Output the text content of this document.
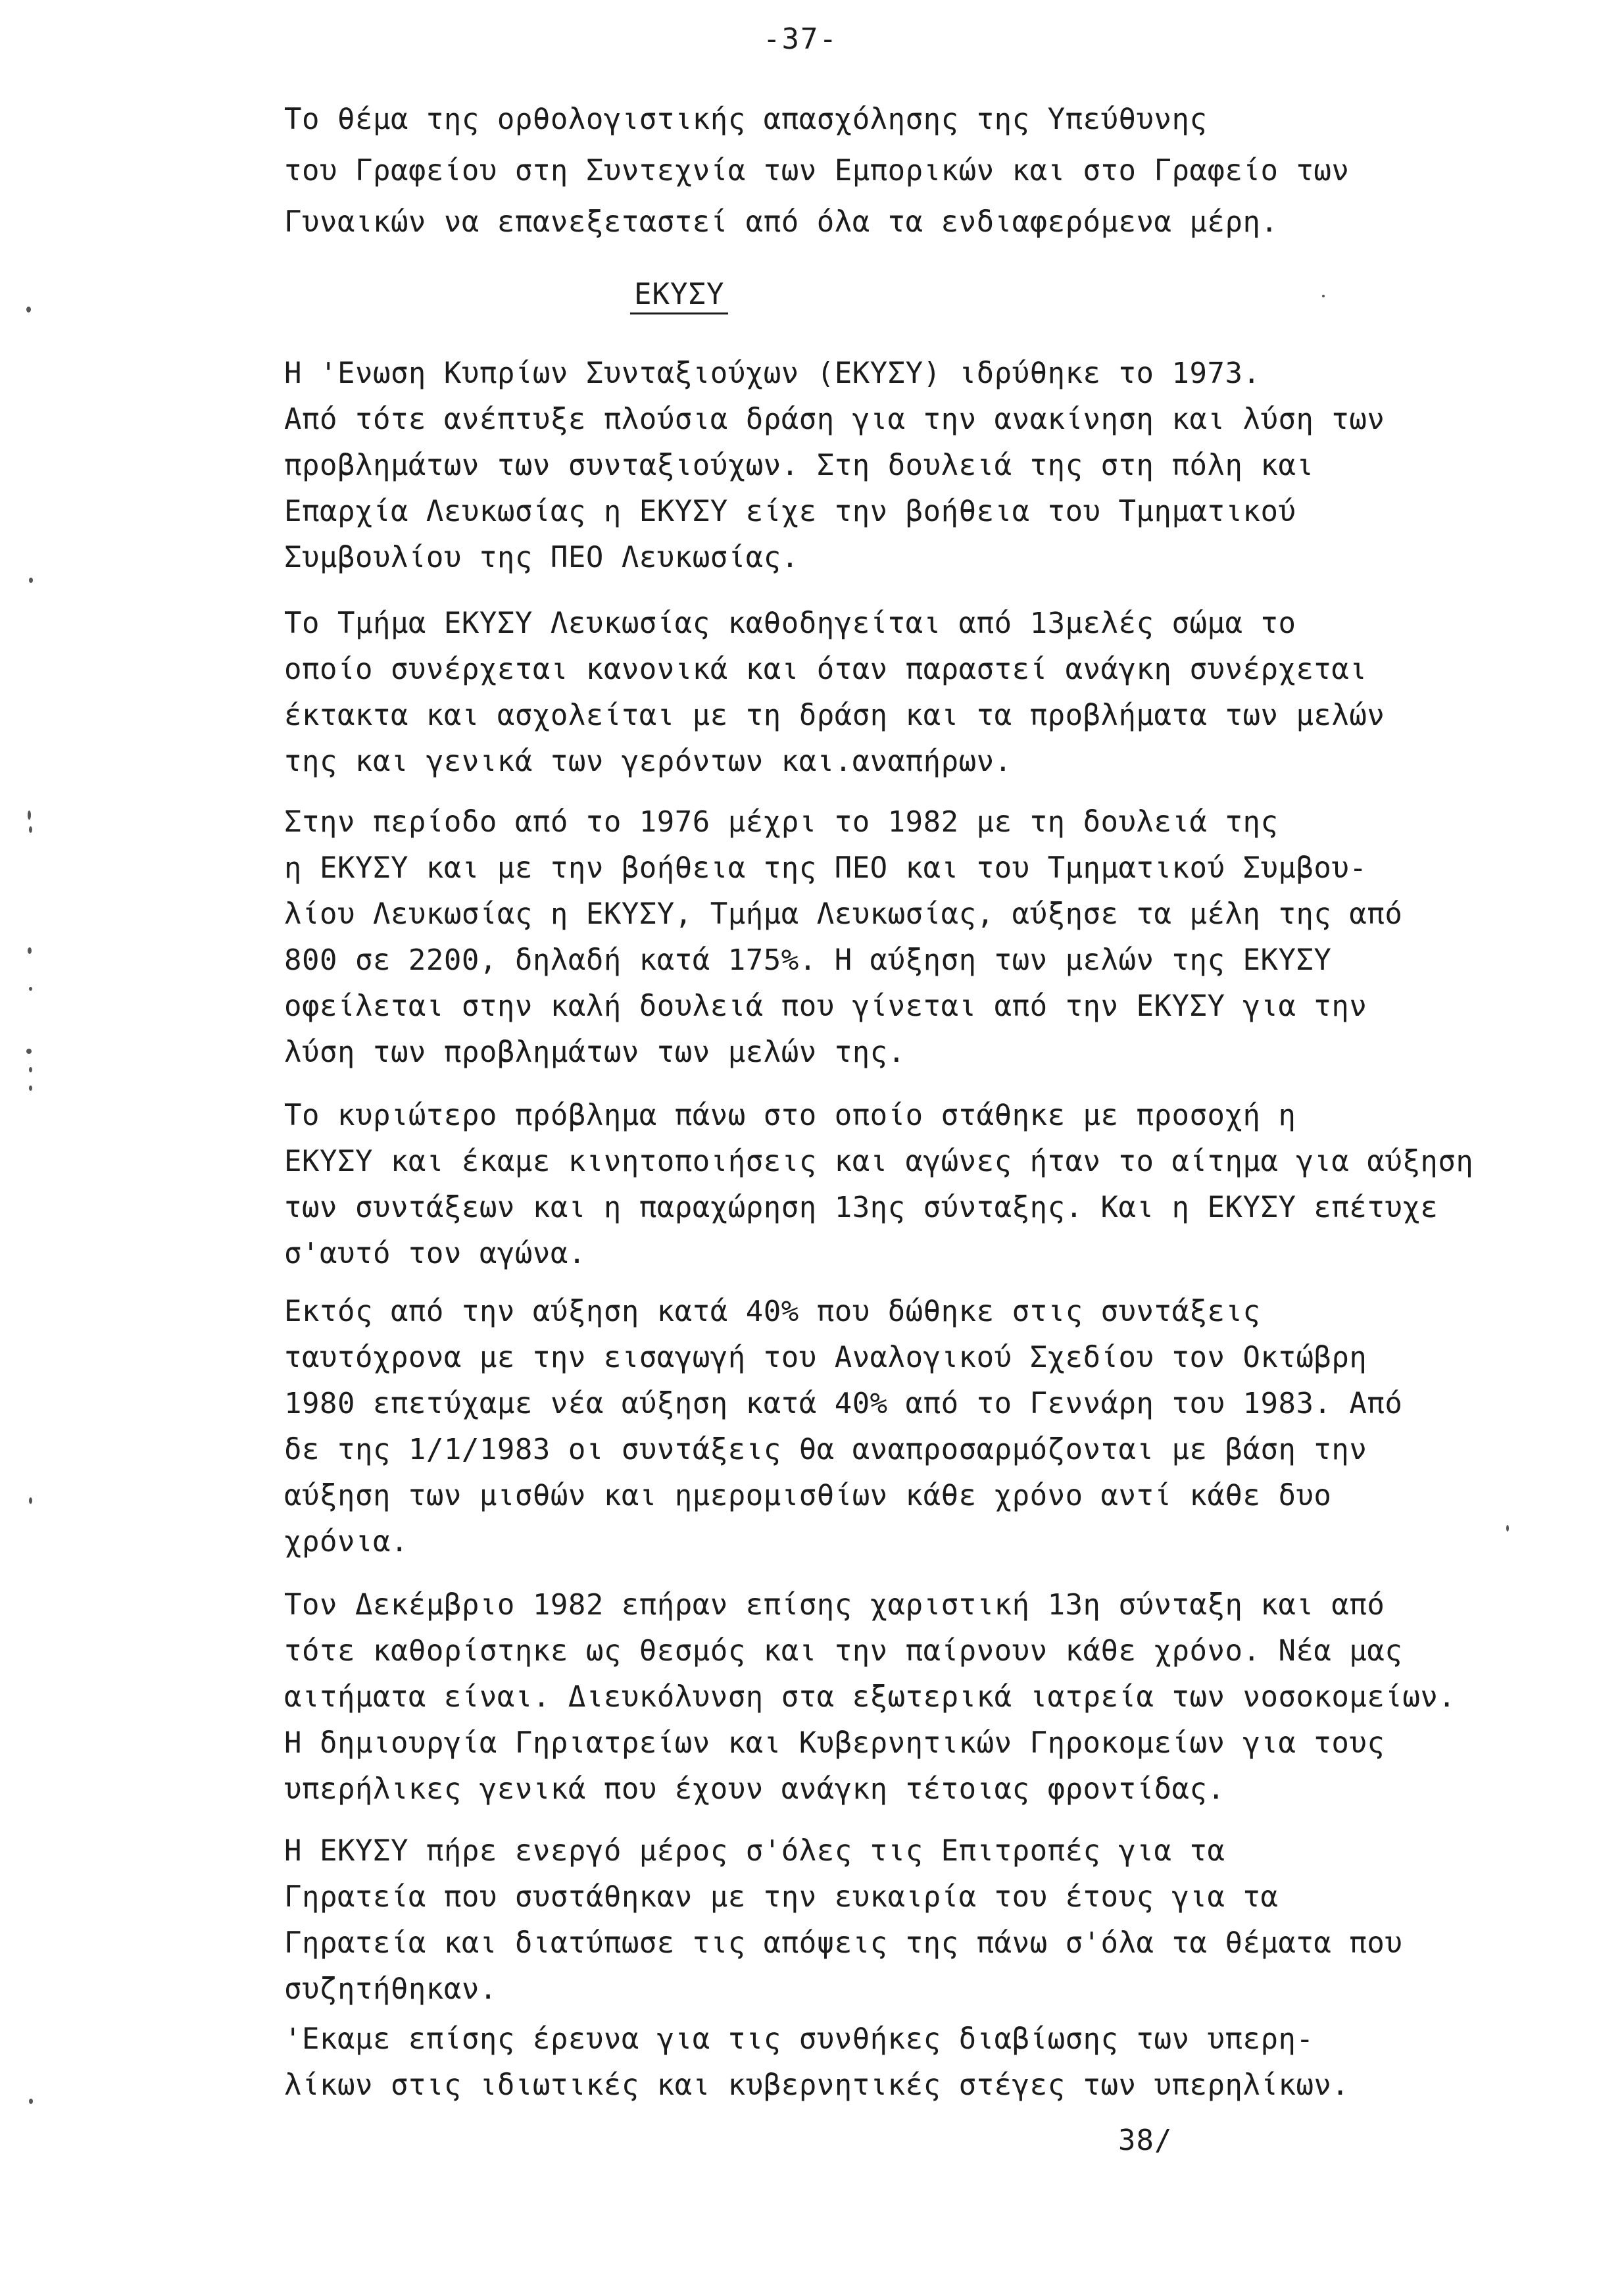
-37-
Το θέμα της ορθολογιστικής απασχόλησης της Υπεύθυνης
του Γραφείου στη Συντεχνία των Εμπορικών και στο Γραφείο των
Γυναικών να επανεξεταστεί από όλα τα ενδιαφερόμενα μέρη.
ΕΚΥΣΥ
Η 'Ενωση Κυπρίων Συνταξιούχων (ΕΚΥΣΥ) ιδρύθηκε το 1973.
Από τότε ανέπτυξε πλούσια δράση για την ανακίνηση και λύση των
προβλημάτων των συνταξιούχων. Στη δουλειά της στη πόλη και
Επαρχία Λευκωσίας η ΕΚΥΣΥ είχε την βοήθεια του Τμηματικού
Συμβουλίου της ΠΕΟ Λευκωσίας.
Το Τμήμα ΕΚΥΣΥ Λευκωσίας καθοδηγείται από 13μελές σώμα το
οποίο συνέρχεται κανονικά και όταν παραστεί ανάγκη συνέρχεται
έκτακτα και ασχολείται με τη δράση και τα προβλήματα των μελών
της και γενικά των γερόντων και.αναπήρων.
Στην περίοδο από το 1976 μέχρι το 1982 με τη δουλειά της
η ΕΚΥΣΥ και με την βοήθεια της ΠΕΟ και του Τμηματικού Συμβου-
λίου Λευκωσίας η ΕΚΥΣΥ, Τμήμα Λευκωσίας, αύξησε τα μέλη της από
800 σε 2200, δηλαδή κατά 175%. Η αύξηση των μελών της ΕΚΥΣΥ
οφείλεται στην καλή δουλειά που γίνεται από την ΕΚΥΣΥ για την
λύση των προβλημάτων των μελών της.
Το κυριώτερο πρόβλημα πάνω στο οποίο στάθηκε με προσοχή η
ΕΚΥΣΥ και έκαμε κινητοποιήσεις και αγώνες ήταν το αίτημα για αύξηση
των συντάξεων και η παραχώρηση 13ης σύνταξης. Και η ΕΚΥΣΥ επέτυχε
σ'αυτό τον αγώνα.
Εκτός από την αύξηση κατά 40% που δώθηκε στις συντάξεις
ταυτόχρονα με την εισαγωγή του Αναλογικού Σχεδίου τον Οκτώβρη
1980 επετύχαμε νέα αύξηση κατά 40% από το Γεννάρη του 1983. Από
δε της 1/1/1983 οι συντάξεις θα αναπροσαρμόζονται με βάση την
αύξηση των μισθών και ημερομισθίων κάθε χρόνο αντί κάθε δυο
χρόνια.
Τον Δεκέμβριο 1982 επήραν επίσης χαριστική 13η σύνταξη και από
τότε καθορίστηκε ως θεσμός και την παίρνουν κάθε χρόνο. Νέα μας
αιτήματα είναι. Διευκόλυνση στα εξωτερικά ιατρεία των νοσοκομείων.
Η δημιουργία Γηριατρείων και Κυβερνητικών Γηροκομείων για τους
υπερήλικες γενικά που έχουν ανάγκη τέτοιας φροντίδας.
Η ΕΚΥΣΥ πήρε ενεργό μέρος σ'όλες τις Επιτροπές για τα
Γηρατεία που συστάθηκαν με την ευκαιρία του έτους για τα
Γηρατεία και διατύπωσε τις απόψεις της πάνω σ'όλα τα θέματα που
συζητήθηκαν.
'Εκαμε επίσης έρευνα για τις συνθήκες διαβίωσης των υπερη-
λίκων στις ιδιωτικές και κυβερνητικές στέγες των υπερηλίκων.
38/
